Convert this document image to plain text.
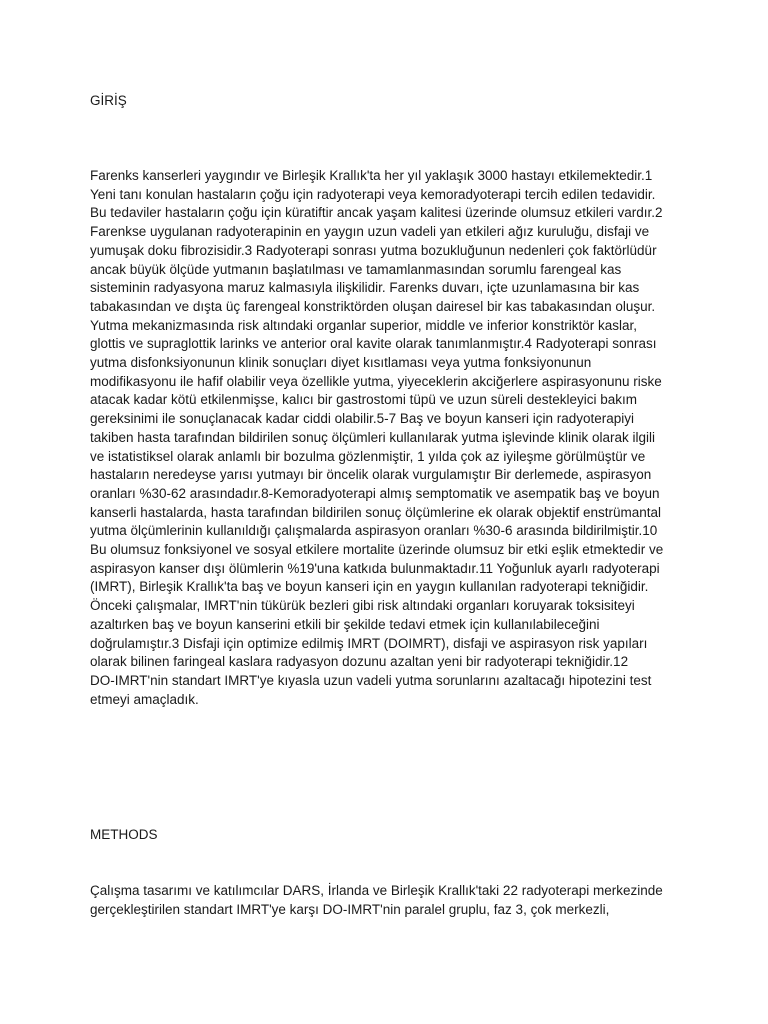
GİRİŞ

Farenks kanserleri yaygındır ve Birleşik Krallık'ta her yıl yaklaşık 3000 hastayı etkilemektedir.1
Yeni tanı konulan hastaların çoğu için radyoterapi veya kemoradyoterapi tercih edilen tedavidir.
Bu tedaviler hastaların çoğu için küratiftir ancak yaşam kalitesi üzerinde olumsuz etkileri vardır.2
Farenkse uygulanan radyoterapinin en yaygın uzun vadeli yan etkileri ağız kuruluğu, disfaji ve
yumuşak doku fibrozisidir.3 Radyoterapi sonrası yutma bozukluğunun nedenleri çok faktörlüdür
ancak büyük ölçüde yutmanın başlatılması ve tamamlanmasından sorumlu farengeal kas
sisteminin radyasyona maruz kalmasıyla ilişkilidir. Farenks duvarı, içte uzunlamasına bir kas
tabakasından ve dışta üç farengeal konstriktörden oluşan dairesel bir kas tabakasından oluşur.
Yutma mekanizmasında risk altındaki organlar superior, middle ve inferior konstriktör kaslar,
glottis ve supraglottik larinks ve anterior oral kavite olarak tanımlanmıştır.4 Radyoterapi sonrası
yutma disfonksiyonunun klinik sonuçları diyet kısıtlaması veya yutma fonksiyonunun
modifikasyonu ile hafif olabilir veya özellikle yutma, yiyeceklerin akciğerlere aspirasyonunu riske
atacak kadar kötü etkilenmişse, kalıcı bir gastrostomi tüpü ve uzun süreli destekleyici bakım
gereksinimi ile sonuçlanacak kadar ciddi olabilir.5-7 Baş ve boyun kanseri için radyoterapiyi
takiben hasta tarafından bildirilen sonuç ölçümleri kullanılarak yutma işlevinde klinik olarak ilgili
ve istatistiksel olarak anlamlı bir bozulma gözlenmiştir, 1 yılda çok az iyileşme görülmüştür ve
hastaların neredeyse yarısı yutmayı bir öncelik olarak vurgulamıştır Bir derlemede, aspirasyon
oranları %30-62 arasındadır.8-Kemoradyoterapi almış semptomatik ve asempatik baş ve boyun
kanserli hastalarda, hasta tarafından bildirilen sonuç ölçümlerine ek olarak objektif enstrümantal
yutma ölçümlerinin kullanıldığı çalışmalarda aspirasyon oranları %30-6 arasında bildirilmiştir.10
Bu olumsuz fonksiyonel ve sosyal etkilere mortalite üzerinde olumsuz bir etki eşlik etmektedir ve
aspirasyon kanser dışı ölümlerin %19'una katkıda bulunmaktadır.11 Yoğunluk ayarlı radyoterapi
(IMRT), Birleşik Krallık'ta baş ve boyun kanseri için en yaygın kullanılan radyoterapi tekniğidir.
Önceki çalışmalar, IMRT'nin tükürük bezleri gibi risk altındaki organları koruyarak toksisiteyi
azaltırken baş ve boyun kanserini etkili bir şekilde tedavi etmek için kullanılabileceğini
doğrulamıştır.3 Disfaji için optimize edilmiş IMRT (DOIMRT), disfaji ve aspirasyon risk yapıları
olarak bilinen faringeal kaslara radyasyon dozunu azaltan yeni bir radyoterapi tekniğidir.12
DO-IMRT'nin standart IMRT'ye kıyasla uzun vadeli yutma sorunlarını azaltacağı hipotezini test
etmeyi amaçladık.

METHODS

Çalışma tasarımı ve katılımcılar DARS, İrlanda ve Birleşik Krallık'taki 22 radyoterapi merkezinde
gerçekleştirilen standart IMRT'ye karşı DO-IMRT'nin paralel gruplu, faz 3, çok merkezli,
